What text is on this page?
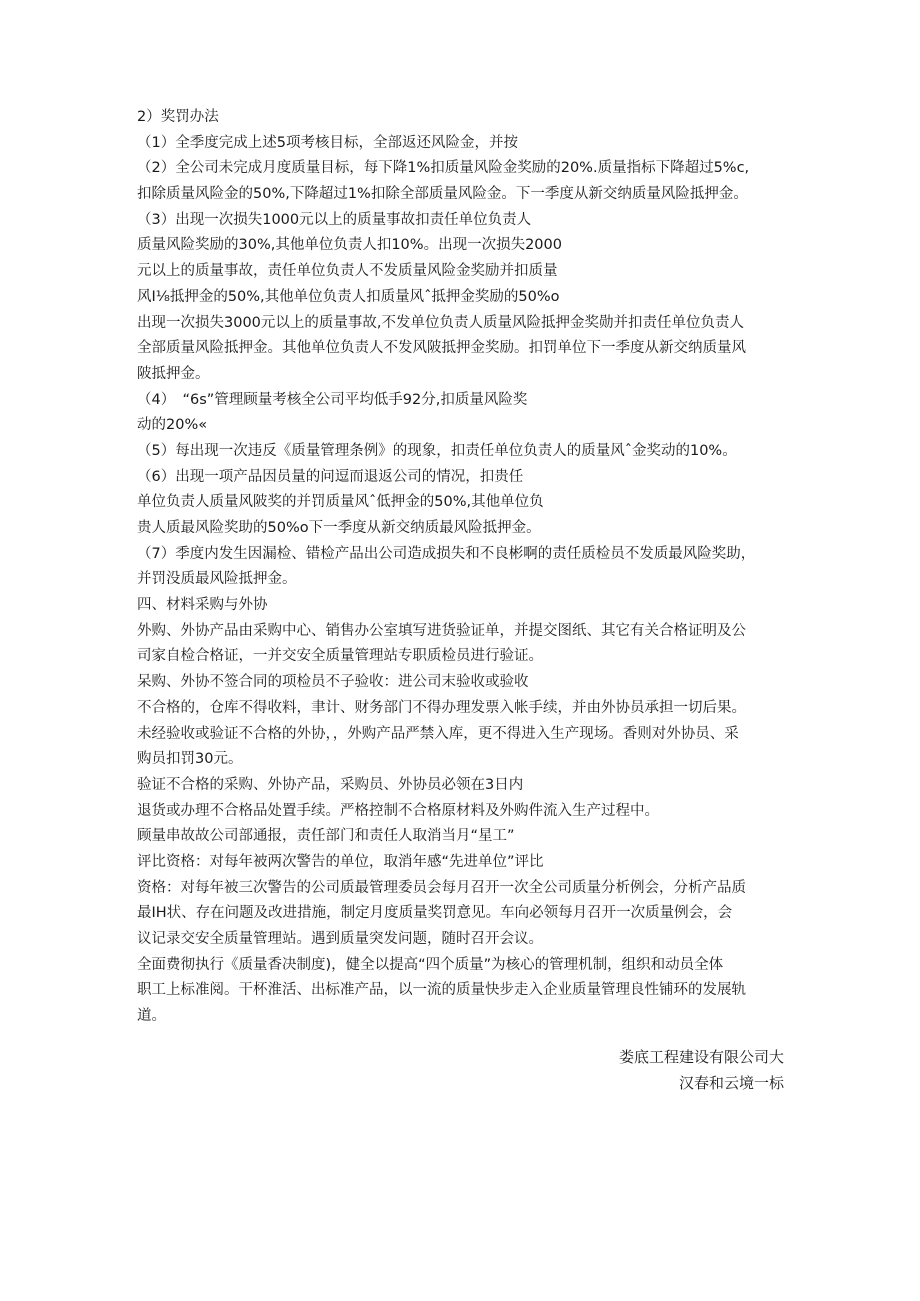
2）奖罚办法
（1）全季度完成上述5项考核目标，全部返还风险金，并按
（2）全公司未完成月度质量目标，每下降1%扣质量风险金奖励的20%.质量指标下降超过5%c,
扣除质量风险金的50%,下降超过1%扣除全部质量风险金。下一季度从新交纳质量风险抵押金。
（3）出现一次损失1000元以上的质量事故扣责任单位负责人
质量风险奖励的30%,其他单位负责人扣10%。出现一次损失2000
元以上的质量事故，责任单位负责人不发质量风险金奖励并扣质量
风I⅛抵押金的50%,其他单位负责人扣质量风ˆ抵押金奖励的50%o
出现一次损失3000元以上的质量事故,不发单位负责人质量风险抵押金奖勋并扣责任单位负责人
全部质量风险抵押金。其他单位负责人不发风陂抵押金奖励。扣罚单位下一季度从新交纳质量风
陂抵押金。
（4）　“6s”管理顾量考核全公司平均低手92分,扣质量风险奖
动的20%«
（5）每出现一次违反《质量管理条例》的现象，扣责任单位负责人的质量风ˆ金奖动的10%。
（6）出现一项产品因员量的问逗而退返公司的情况，扣贵任
单位负责人质量风陂奖的并罚质量风ˆ低押金的50%,其他单位负
贵人质最风险奖助的50%o下一季度从新交纳质最风险抵押金。
（7）季度内发生因漏检、错检产品出公司造成损失和不良彬啊的责任质检员不发质最风险奖助，
并罚没质最风险抵押金。
四、材料采购与外协
外购、外协产品由采购中心、销售办公室填写进货验证单，并提交图纸、其它有关合格证明及公
司家自检合格证，一并交安全质量管理站专职质检员进行验证。
呆购、外协不签合同的项检员不子验收：进公司末验收或验收
不合格的，仓库不得收料，聿计、财务部门不得办理发票入帐手续，并由外协员承担一切后果。
未经验收或验证不合格的外协，，外购产品严禁入库，更不得进入生产现场。香则对外协员、采
购员扣罚30元。
验证不合格的采购、外协产品，采购员、外协员必领在3日内
退货或办理不合格品处置手续。严格控制不合格原材料及外购件流入生产过程中。
顾量串故故公司部通报，责任部门和责任人取消当月“星工”
评比资格：对每年被两次警告的单位，取消年感“先进单位”评比
资格：对每年被三次警告的公司质最管理委员会每月召开一次全公司质量分析例会，分析产品质
最IH状、存在问题及改进措施，制定月度质量奖罚意见。车向必领每月召开一次质量例会，会
议记录交安全质量管理站。遇到质量突发问题，随时召开会议。
全面费彻执行《质量香决制度)，健全以提高“四个质量”为核心的管理机制，组织和动员全体
职工上标准阅。干杯淮活、出标准产品，以一流的质量快步走入企业质量管理良性铺环的发展轨
道。
娄底工程建设有限公司大
汉春和云境一标
